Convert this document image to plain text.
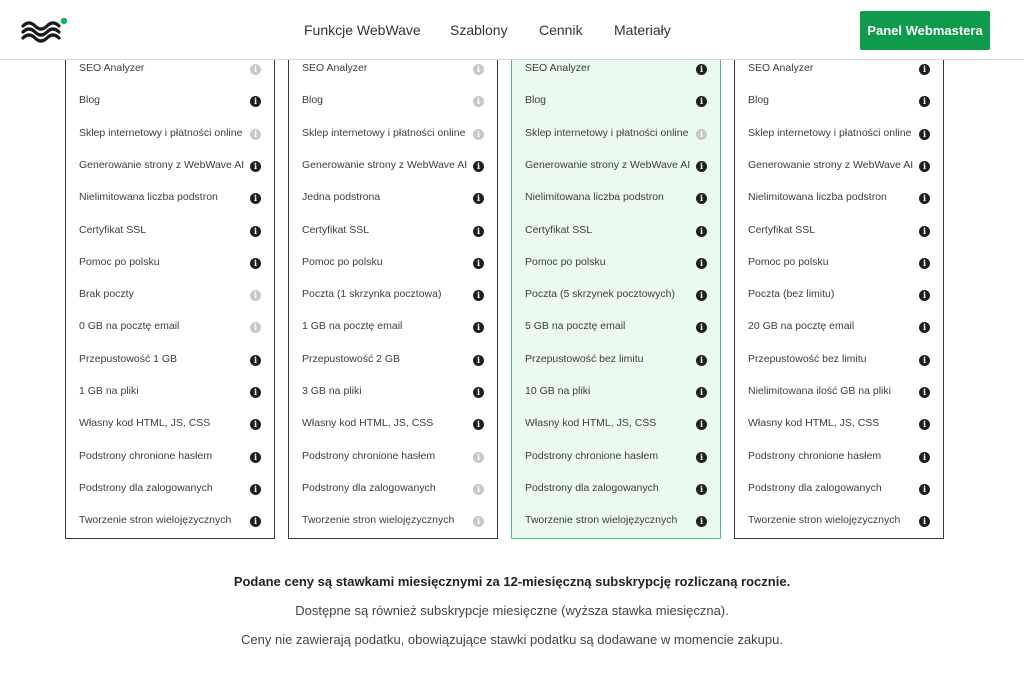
Funkcje WebWave Szablony Cennik Materiały	Panel Webmastera
SEO Analyzer	i
Blog	i
Sklep internetowy i płatności online	i
Generowanie strony z WebWave AI	i
Nielimitowana liczba podstron	i
Certyfikat SSL	i
Pomoc po polsku	i
Brak poczty	i
0 GB na pocztę email	i
Przepustowość 1 GB	i
1 GB na pliki	i
Własny kod HTML, JS, CSS	i
Podstrony chronione hasłem	i
Podstrony dla zalogowanych	i
Tworzenie stron wielojęzycznych	i
SEO Analyzer	i
Blog	i
Sklep internetowy i płatności online	i
Generowanie strony z WebWave AI	i
Jedna podstrona	i
Certyfikat SSL	i
Pomoc po polsku	i
Poczta (1 skrzynka pocztowa)	i
1 GB na pocztę email	i
Przepustowość 2 GB	i
3 GB na pliki	i
Własny kod HTML, JS, CSS	i
Podstrony chronione hasłem	i
Podstrony dla zalogowanych	i
Tworzenie stron wielojęzycznych	i
SEO Analyzer	i
Blog	i
Sklep internetowy i płatności online	i
Generowanie strony z WebWave AI	i
Nielimitowana liczba podstron	i
Certyfikat SSL	i
Pomoc po polsku	i
Poczta (5 skrzynek pocztowych)	i
5 GB na pocztę email	i
Przepustowość bez limitu	i
10 GB na pliki	i
Własny kod HTML, JS, CSS	i
Podstrony chronione hasłem	i
Podstrony dla zalogowanych	i
Tworzenie stron wielojęzycznych	i
SEO Analyzer	i
Blog	i
Sklep internetowy i płatności online	i
Generowanie strony z WebWave AI	i
Nielimitowana liczba podstron	i
Certyfikat SSL	i
Pomoc po polsku	i
Poczta (bez limitu)	i
20 GB na pocztę email	i
Przepustowość bez limitu	i
Nielimitowana ilość GB na pliki	i
Własny kod HTML, JS, CSS	i
Podstrony chronione hasłem	i
Podstrony dla zalogowanych	i
Tworzenie stron wielojęzycznych	i
Podane ceny są stawkami miesięcznymi za 12-miesięczną subskrypcję rozliczaną rocznie.
Dostępne są również subskrypcje miesięczne (wyższa stawka miesięczna).
Ceny nie zawierają podatku, obowiązujące stawki podatku są dodawane w momencie zakupu.
